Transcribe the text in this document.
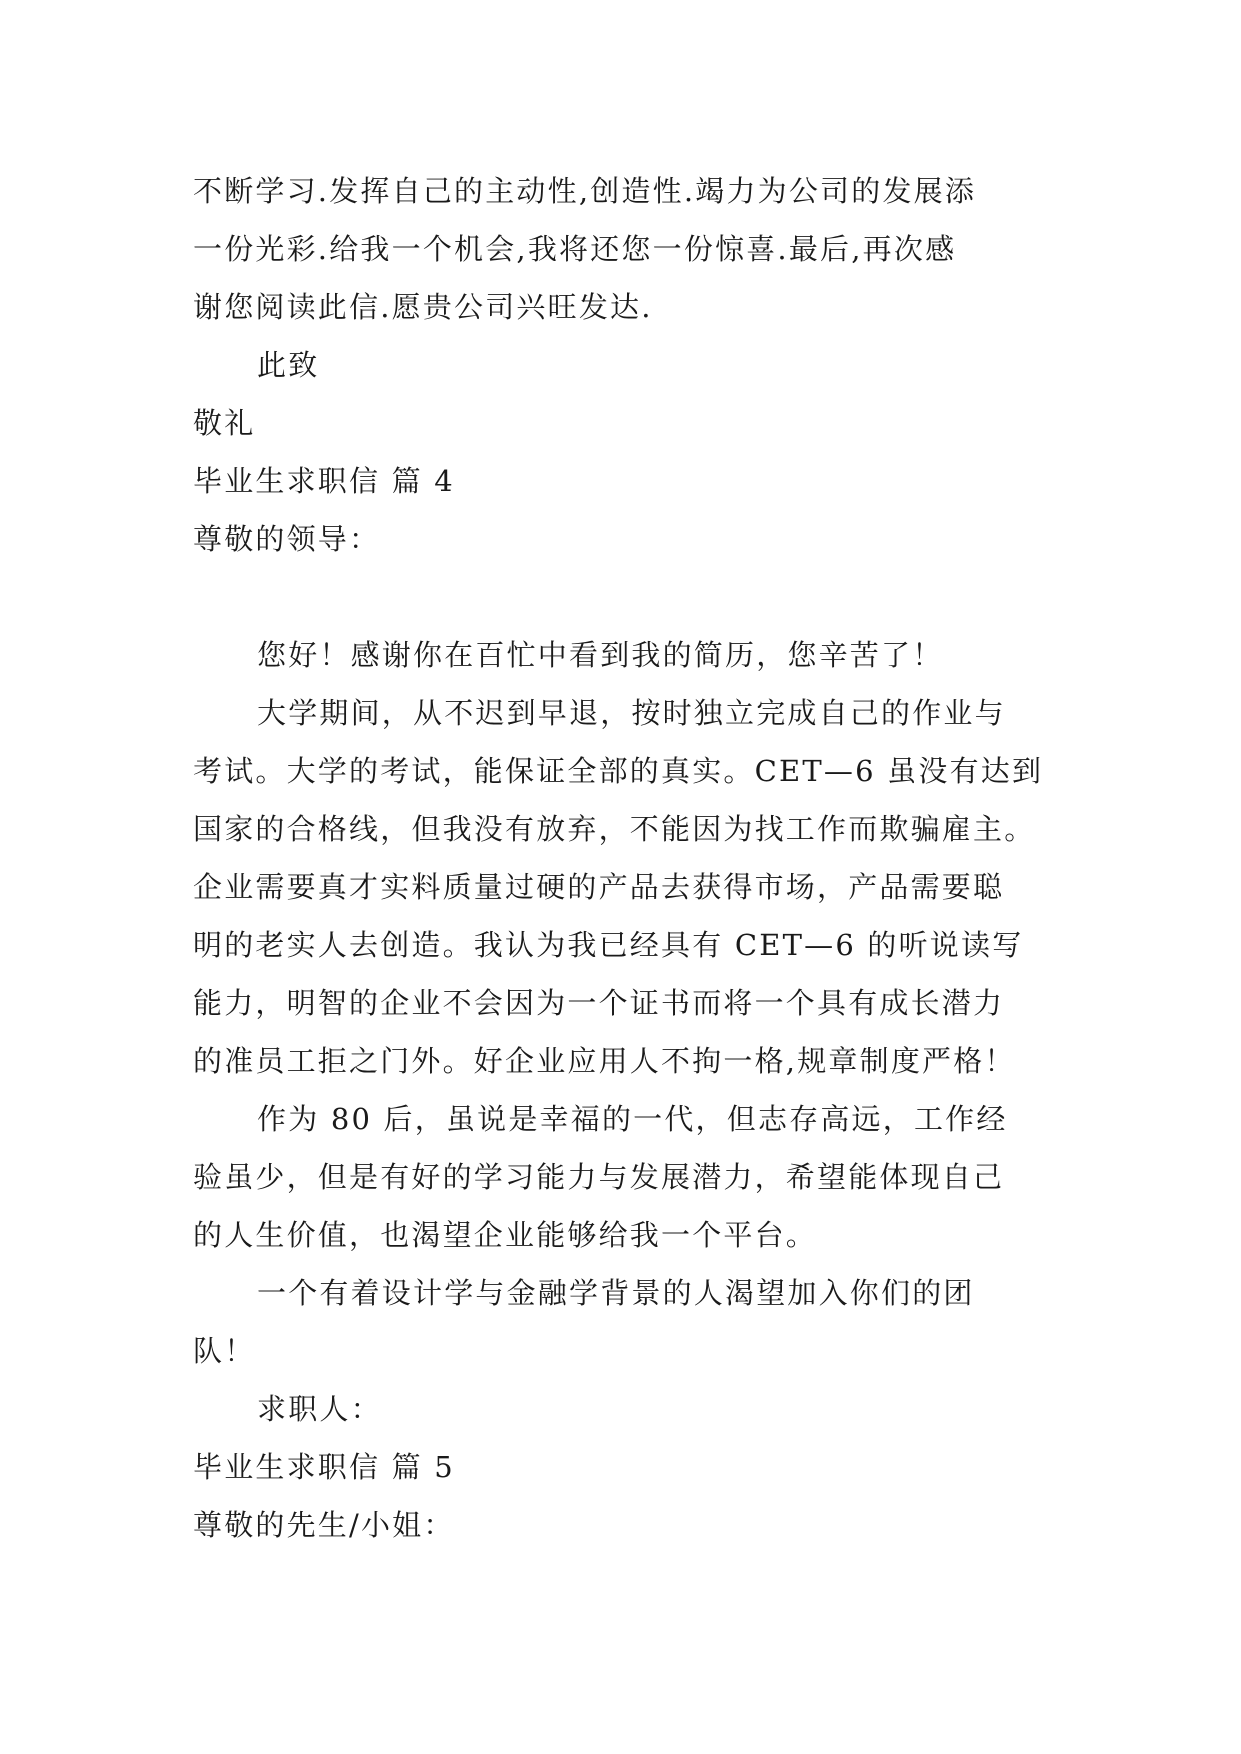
不断学习.发挥自己的主动性,创造性.竭力为公司的发展添
一份光彩.给我一个机会,我将还您一份惊喜.最后,再次感
谢您阅读此信.愿贵公司兴旺发达.
此致
敬礼
毕业生求职信 篇 4
尊敬的领导：
您好！感谢你在百忙中看到我的简历，您辛苦了！
大学期间，从不迟到早退，按时独立完成自己的作业与
考试。大学的考试，能保证全部的真实。CET—6 虽没有达到
国家的合格线，但我没有放弃，不能因为找工作而欺骗雇主。
企业需要真才实料质量过硬的产品去获得市场，产品需要聪
明的老实人去创造。我认为我已经具有 CET—6 的听说读写
能力，明智的企业不会因为一个证书而将一个具有成长潜力
的准员工拒之门外。好企业应用人不拘一格,规章制度严格！
作为 80 后，虽说是幸福的一代，但志存高远，工作经
验虽少，但是有好的学习能力与发展潜力，希望能体现自己
的人生价值，也渴望企业能够给我一个平台。
一个有着设计学与金融学背景的人渴望加入你们的团
队！
求职人：
毕业生求职信 篇 5
尊敬的先生/小姐：
